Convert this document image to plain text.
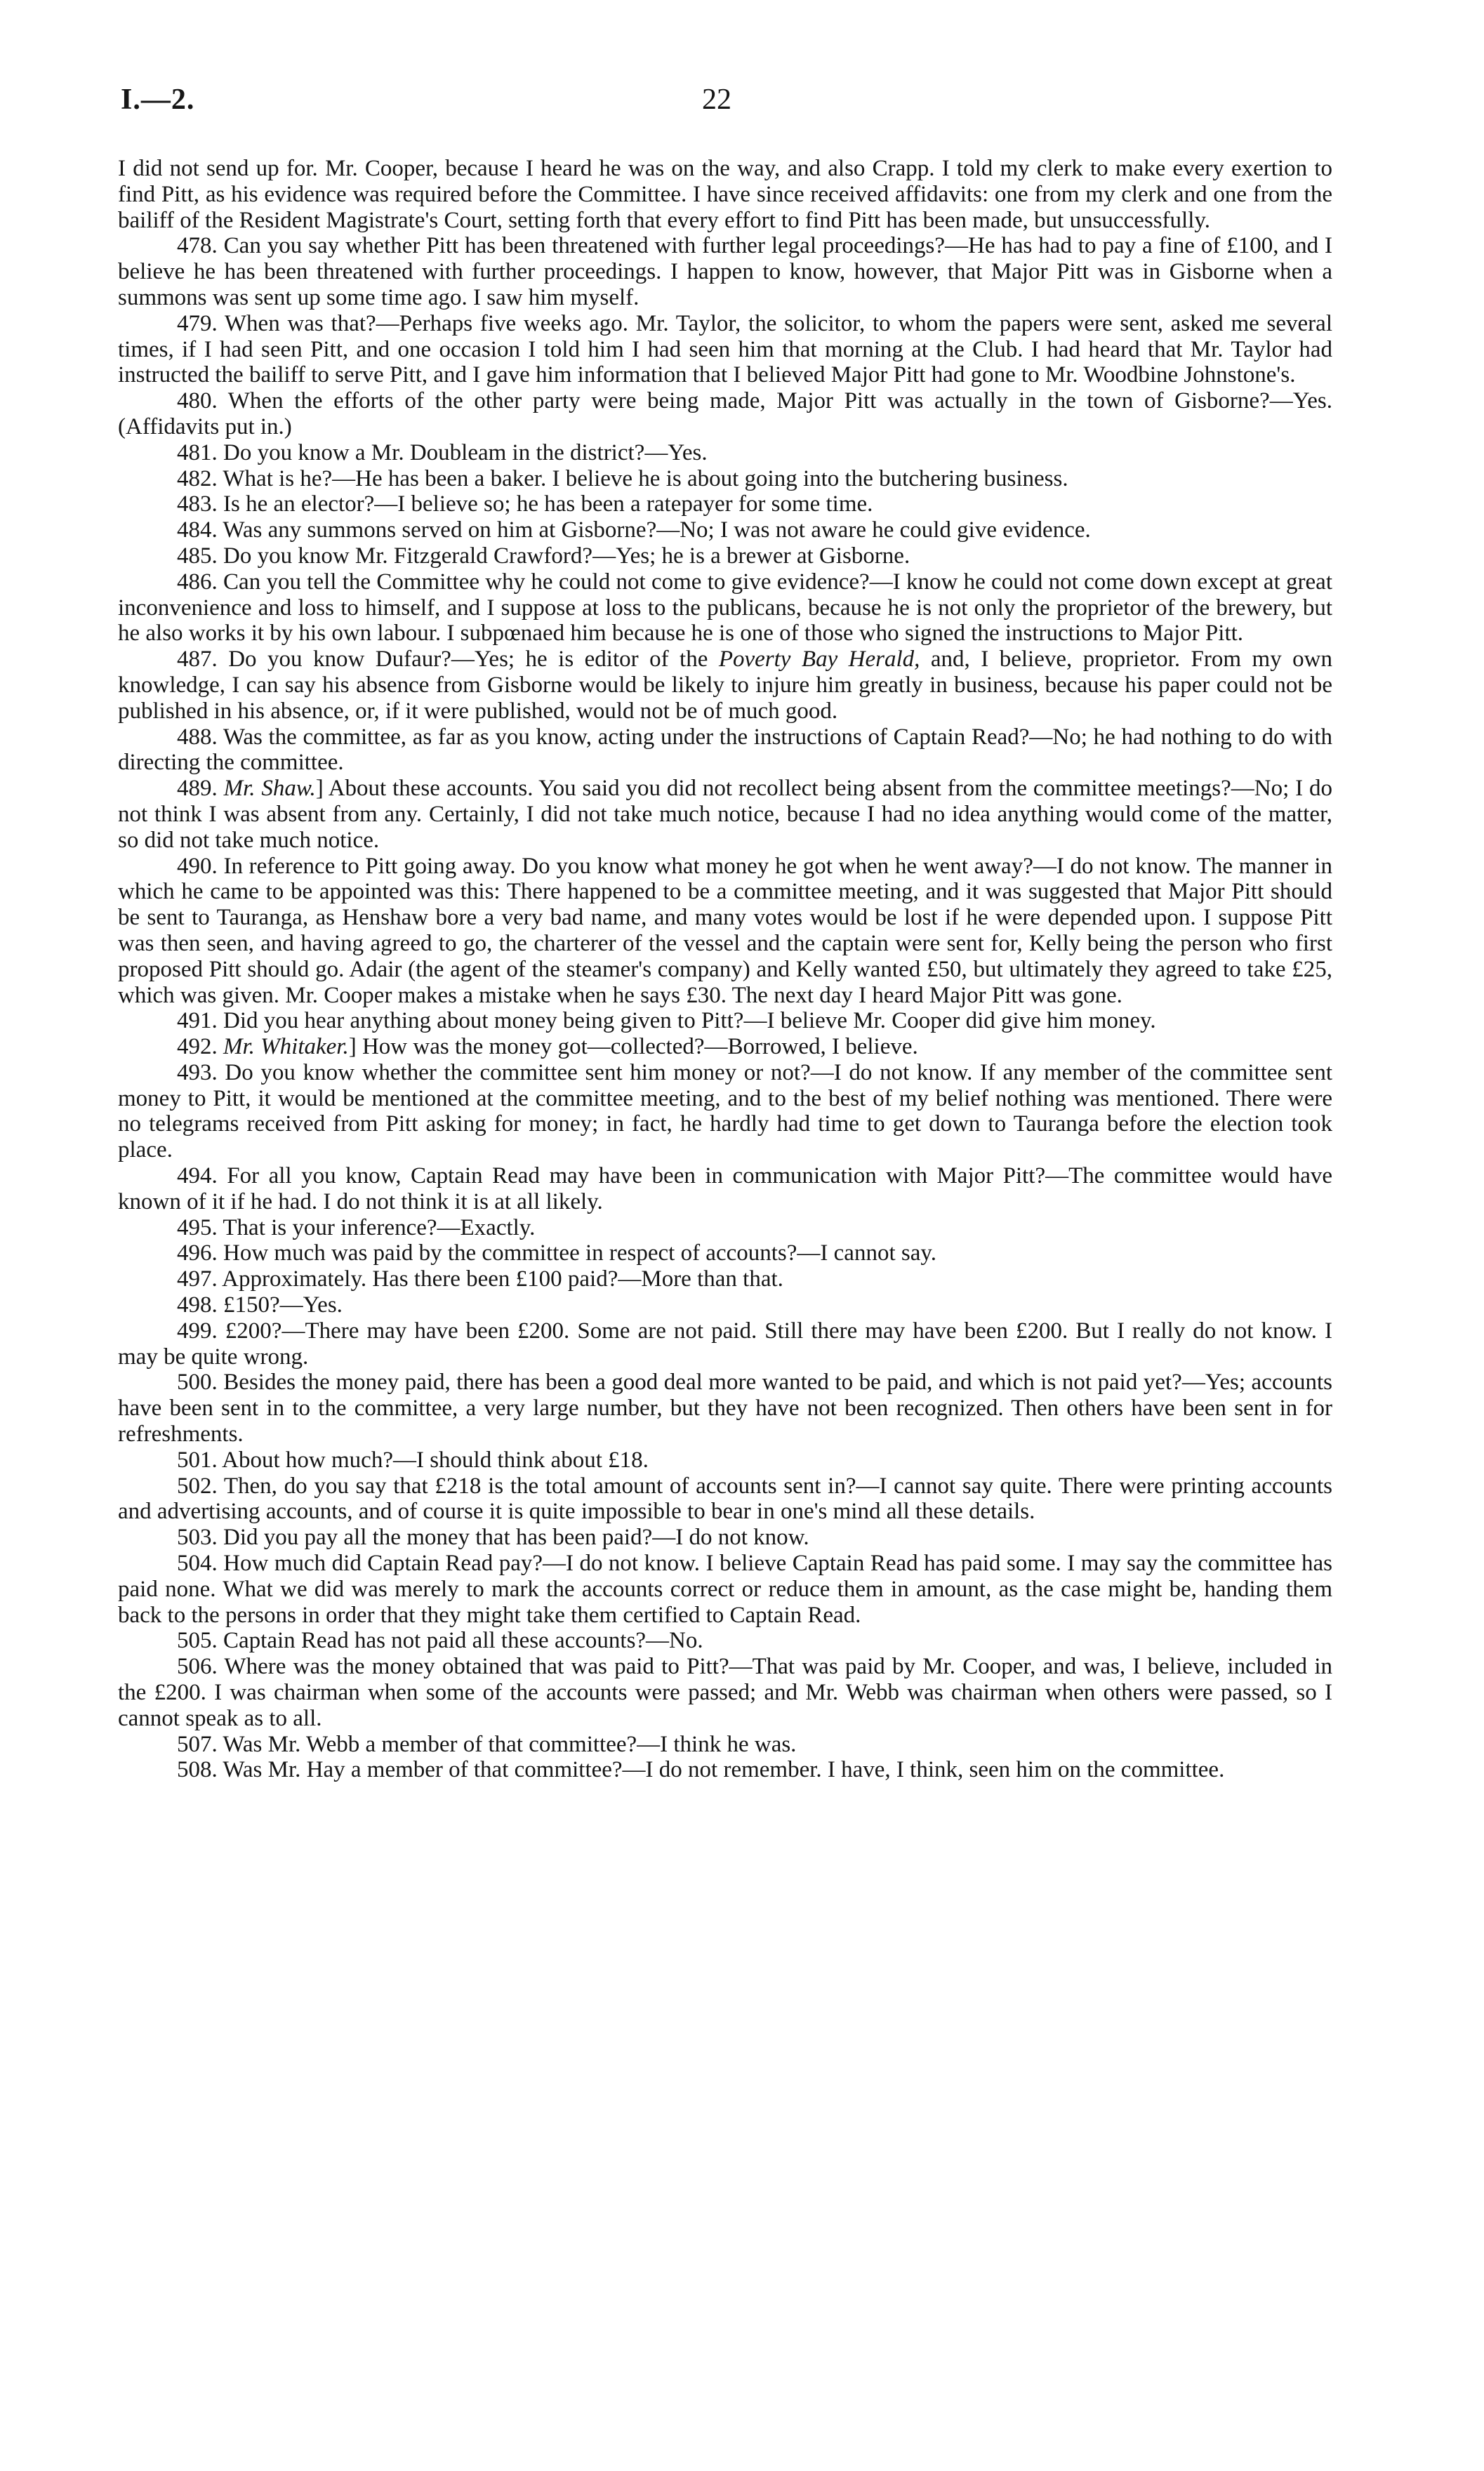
I.—2.	22

I did not send up for. Mr. Cooper, because I heard he was on the way, and also Crapp. I told my clerk to make every exertion to find Pitt, as his evidence was required before the Committee. I have since received affidavits: one from my clerk and one from the bailiff of the Resident Magistrate's Court, setting forth that every effort to find Pitt has been made, but unsuccessfully.

478. Can you say whether Pitt has been threatened with further legal proceedings?—He has had to pay a fine of £100, and I believe he has been threatened with further proceedings. I happen to know, however, that Major Pitt was in Gisborne when a summons was sent up some time ago. I saw him myself.

479. When was that?—Perhaps five weeks ago. Mr. Taylor, the solicitor, to whom the papers were sent, asked me several times, if I had seen Pitt, and one occasion I told him I had seen him that morning at the Club. I had heard that Mr. Taylor had instructed the bailiff to serve Pitt, and I gave him information that I believed Major Pitt had gone to Mr. Woodbine Johnstone's.

480. When the efforts of the other party were being made, Major Pitt was actually in the town of Gisborne?—Yes. (Affidavits put in.)

481. Do you know a Mr. Doubleam in the district?—Yes.

482. What is he?—He has been a baker. I believe he is about going into the butchering business.

483. Is he an elector?—I believe so; he has been a ratepayer for some time.

484. Was any summons served on him at Gisborne?—No; I was not aware he could give evidence.

485. Do you know Mr. Fitzgerald Crawford?—Yes; he is a brewer at Gisborne.

486. Can you tell the Committee why he could not come to give evidence?—I know he could not come down except at great inconvenience and loss to himself, and I suppose at loss to the publicans, because he is not only the proprietor of the brewery, but he also works it by his own labour. I subpœnaed him because he is one of those who signed the instructions to Major Pitt.

487. Do you know Dufaur?—Yes; he is editor of the Poverty Bay Herald, and, I believe, proprietor. From my own knowledge, I can say his absence from Gisborne would be likely to injure him greatly in business, because his paper could not be published in his absence, or, if it were published, would not be of much good.

488. Was the committee, as far as you know, acting under the instructions of Captain Read?—No; he had nothing to do with directing the committee.

489. Mr. Shaw.] About these accounts. You said you did not recollect being absent from the committee meetings?—No; I do not think I was absent from any. Certainly, I did not take much notice, because I had no idea anything would come of the matter, so did not take much notice.

490. In reference to Pitt going away. Do you know what money he got when he went away?—I do not know. The manner in which he came to be appointed was this: There happened to be a committee meeting, and it was suggested that Major Pitt should be sent to Tauranga, as Henshaw bore a very bad name, and many votes would be lost if he were depended upon. I suppose Pitt was then seen, and having agreed to go, the charterer of the vessel and the captain were sent for, Kelly being the person who first proposed Pitt should go. Adair (the agent of the steamer's company) and Kelly wanted £50, but ultimately they agreed to take £25, which was given. Mr. Cooper makes a mistake when he says £30. The next day I heard Major Pitt was gone.

491. Did you hear anything about money being given to Pitt?—I believe Mr. Cooper did give him money.

492. Mr. Whitaker.] How was the money got—collected?—Borrowed, I believe.

493. Do you know whether the committee sent him money or not?—I do not know. If any member of the committee sent money to Pitt, it would be mentioned at the committee meeting, and to the best of my belief nothing was mentioned. There were no telegrams received from Pitt asking for money; in fact, he hardly had time to get down to Tauranga before the election took place.

494. For all you know, Captain Read may have been in communication with Major Pitt?—The committee would have known of it if he had. I do not think it is at all likely.

495. That is your inference?—Exactly.

496. How much was paid by the committee in respect of accounts?—I cannot say.

497. Approximately. Has there been £100 paid?—More than that.

498. £150?—Yes.

499. £200?—There may have been £200. Some are not paid. Still there may have been £200. But I really do not know. I may be quite wrong.

500. Besides the money paid, there has been a good deal more wanted to be paid, and which is not paid yet?—Yes; accounts have been sent in to the committee, a very large number, but they have not been recognized. Then others have been sent in for refreshments.

501. About how much?—I should think about £18.

502. Then, do you say that £218 is the total amount of accounts sent in?—I cannot say quite. There were printing accounts and advertising accounts, and of course it is quite impossible to bear in one's mind all these details.

503. Did you pay all the money that has been paid?—I do not know.

504. How much did Captain Read pay?—I do not know. I believe Captain Read has paid some. I may say the committee has paid none. What we did was merely to mark the accounts correct or reduce them in amount, as the case might be, handing them back to the persons in order that they might take them certified to Captain Read.

505. Captain Read has not paid all these accounts?—No.

506. Where was the money obtained that was paid to Pitt?—That was paid by Mr. Cooper, and was, I believe, included in the £200. I was chairman when some of the accounts were passed; and Mr. Webb was chairman when others were passed, so I cannot speak as to all.

507. Was Mr. Webb a member of that committee?—I think he was.

508. Was Mr. Hay a member of that committee?—I do not remember. I have, I think, seen him on the committee.
